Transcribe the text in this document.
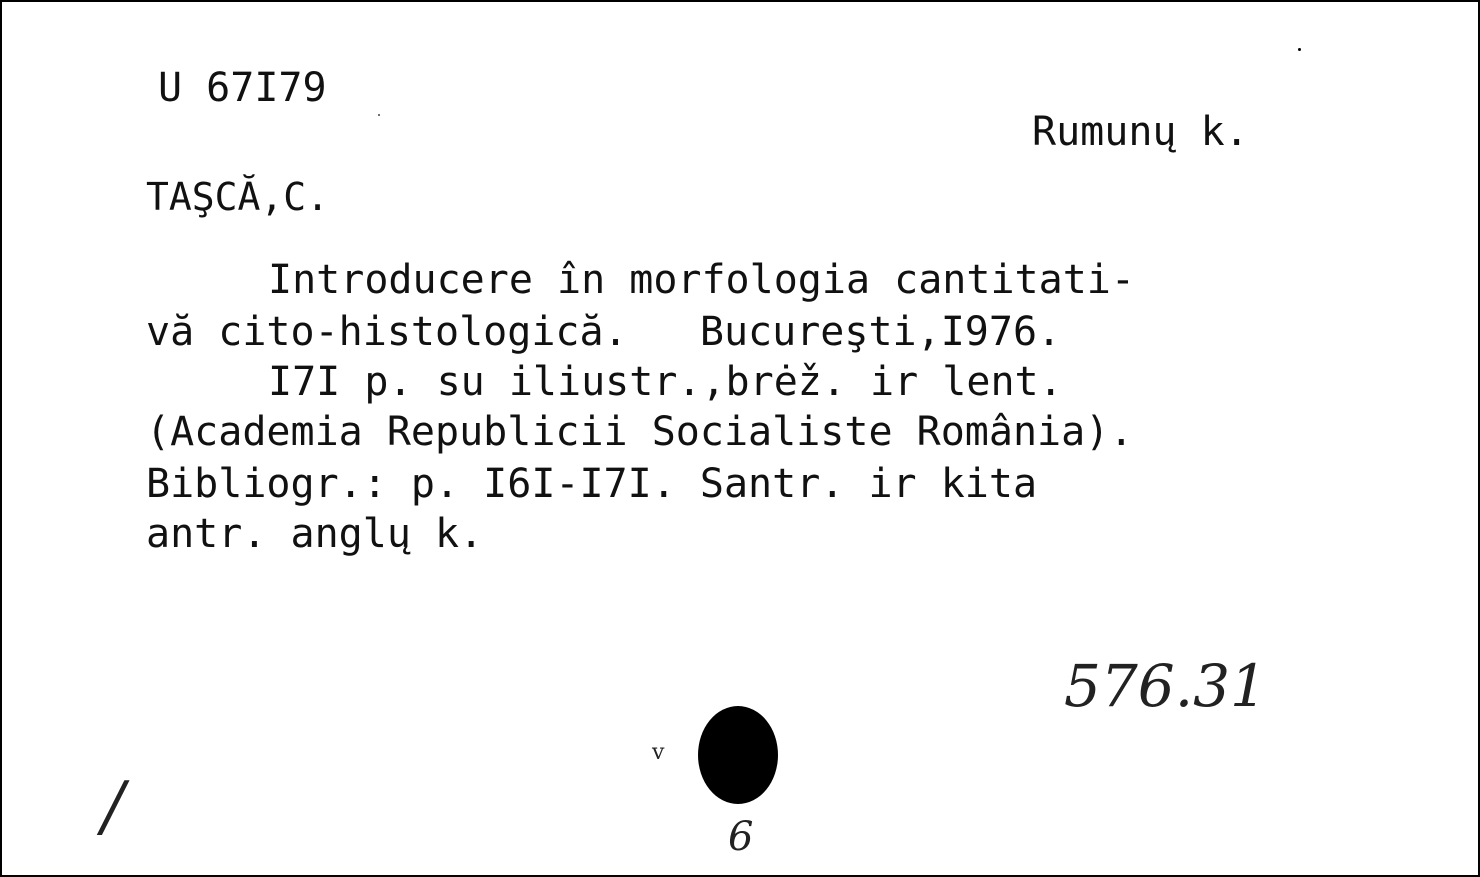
U 67I79
Rumunų k.
TAŞCĂ,C.
Introducere în morfologia cantitati-
vă cito-histologică.   Bucureşti,I976.
I7I p. su iliustr.,brėž. ir lent.
(Academia Republicii Socialiste România).
Bibliogr.: p. I6I-I7I. Santr. ir kita
antr. anglų k.
576.31
v
6
/
